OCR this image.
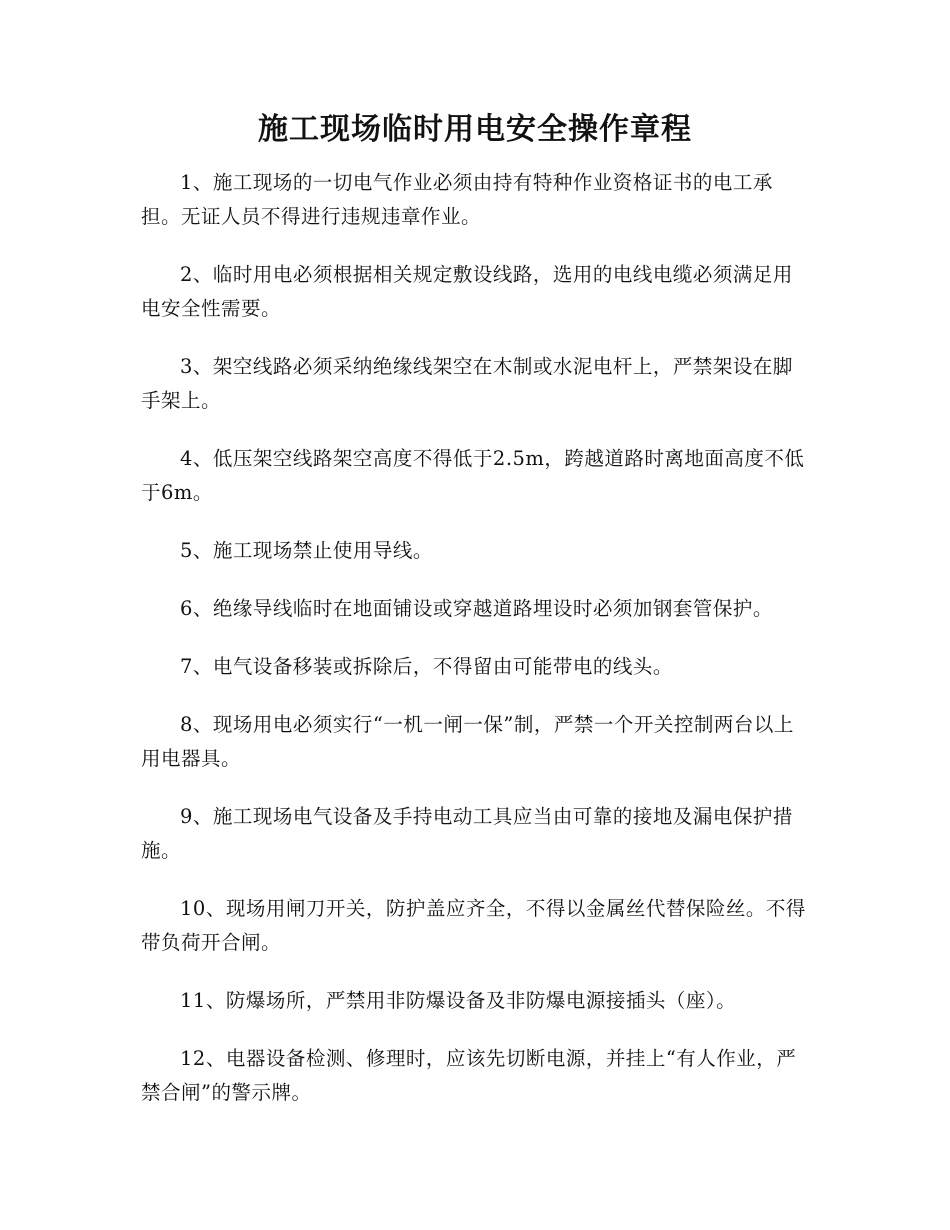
施工现场临时用电安全操作章程

1、施工现场的一切电气作业必须由持有特种作业资格证书的电工承担。无证人员不得进行违规违章作业。

2、临时用电必须根据相关规定敷设线路，选用的电线电缆必须满足用电安全性需要。

3、架空线路必须采纳绝缘线架空在木制或水泥电杆上，严禁架设在脚手架上。

4、低压架空线路架空高度不得低于2.5m，跨越道路时离地面高度不低于6m。

5、施工现场禁止使用导线。

6、绝缘导线临时在地面铺设或穿越道路埋设时必须加钢套管保护。

7、电气设备移装或拆除后，不得留由可能带电的线头。

8、现场用电必须实行“一机一闸一保”制，严禁一个开关控制两台以上用电器具。

9、施工现场电气设备及手持电动工具应当由可靠的接地及漏电保护措施。

10、现场用闸刀开关，防护盖应齐全，不得以金属丝代替保险丝。不得带负荷开合闸。

11、防爆场所，严禁用非防爆设备及非防爆电源接插头（座）。

12、电器设备检测、修理时，应该先切断电源，并挂上“有人作业，严禁合闸”的警示牌。
